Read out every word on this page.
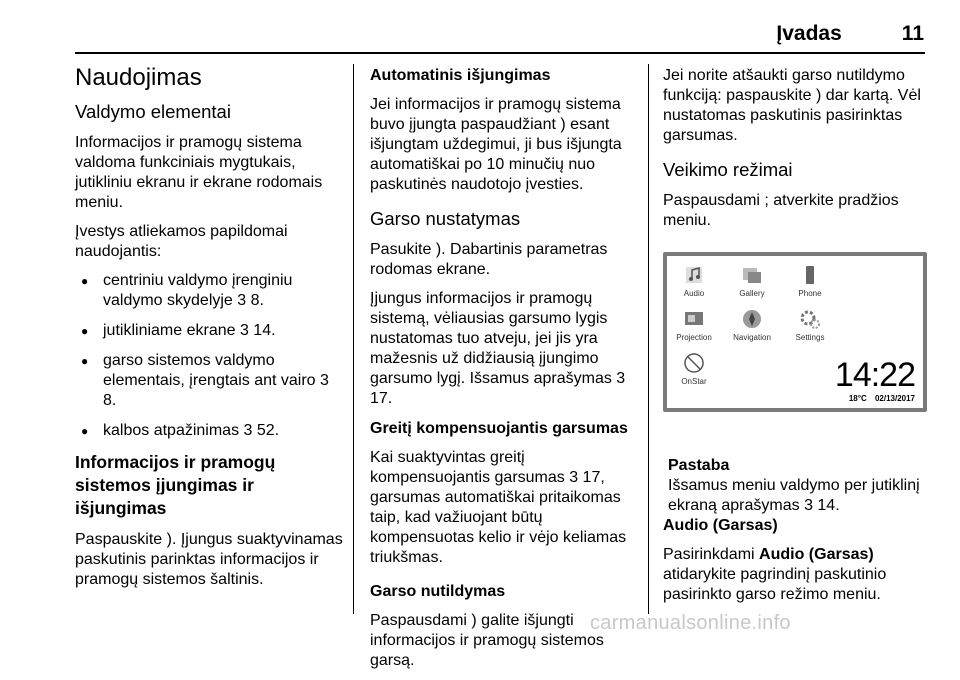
Įvadas	11
Naudojimas
Valdymo elementai

Informacijos ir pramogų sistema valdoma funkciniais mygtukais, jutikliniu ekranu ir ekrane rodomais meniu.

Įvestys atliekamos papildomai naudojantis:

● centriniu valdymo įrenginiu valdymo skydelyje 3 8.
● jutikliniame ekrane 3 14.
● garso sistemos valdymo elementais, įrengtais ant vairo 3 8.
● kalbos atpažinimas 3 52.
Informacijos ir pramogų sistemos įjungimas ir išjungimas

Paspauskite ). Įjungus suaktyvinamas paskutinis parinktas informacijos ir pramogų sistemos šaltinis.

Automatinis išjungimas

Jei informacijos ir pramogų sistema buvo įjungta paspaudžiant ) esant išjungtam uždegimui, ji bus išjungta automatiškai po 10 minučių nuo paskutinės naudotojo įvesties.

Garso nustatymas

Pasukite ). Dabartinis parametras rodomas ekrane.

Įjungus informacijos ir pramogų sistemą, vėliausias garsumo lygis nustatomas tuo atveju, jei jis yra mažesnis už didžiausią įjungimo garsumo lygį. Išsamus aprašymas 3 17.

Greitį kompensuojantis garsumas

Kai suaktyvintas greitį kompensuojantis garsumas 3 17, garsumas automatiškai pritaikomas taip, kad važiuojant būtų kompensuotas kelio ir vėjo keliamas triukšmas.

Garso nutildymas

Paspausdami ) galite išjungti informacijos ir pramogų sistemos garsą.

Jei norite atšaukti garso nutildymo funkciją: paspauskite ) dar kartą. Vėl nustatomas paskutinis pasirinktas garsumas.

Veikimo režimai

Paspausdami ; atverkite pradžios meniu.

Audio	Gallery	Phone
Projection	Navigation	Settings
OnStar	14:22
18°C 02/13/2017
Pastaba
Išsamus meniu valdymo per jutiklinį ekraną aprašymas 3 14.

Audio (Garsas)

Pasirinkdami Audio (Garsas) atidarykite pagrindinį paskutinio pasirinkto garso režimo meniu.

carmanualsonline.info
